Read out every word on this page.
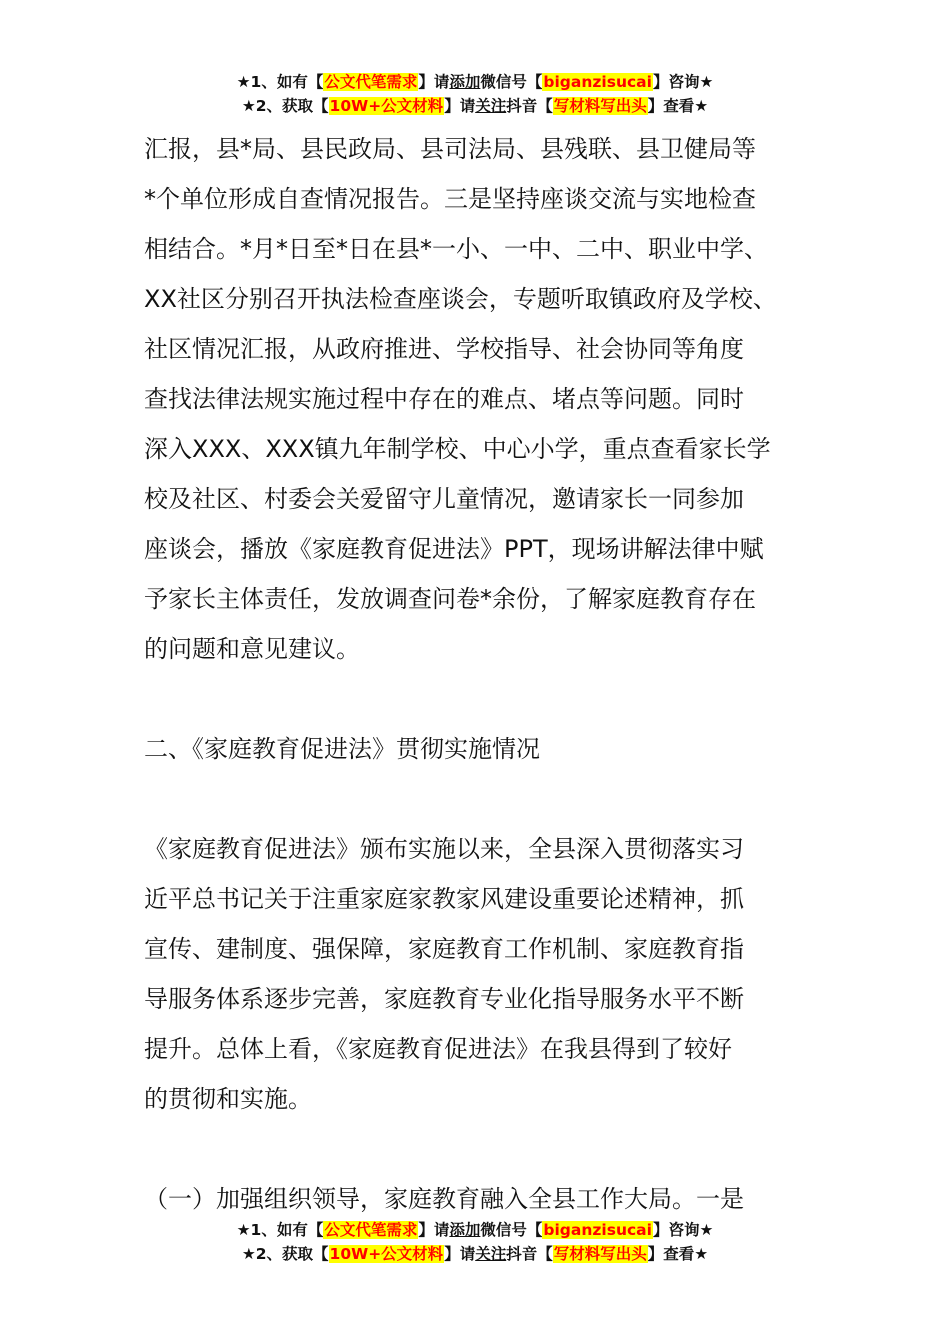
★1、如有【公文代笔需求】请添加微信号【biganzisucai】咨询★
★2、获取【10W+公文材料】请关注抖音【写材料写出头】查看★
汇报，县*局、县民政局、县司法局、县残联、县卫健局等
*个单位形成自查情况报告。三是坚持座谈交流与实地检查
相结合。*月*日至*日在县*一小、一中、二中、职业中学、
XX社区分别召开执法检查座谈会，专题听取镇政府及学校、
社区情况汇报，从政府推进、学校指导、社会协同等角度
查找法律法规实施过程中存在的难点、堵点等问题。同时
深入XXX、XXX镇九年制学校、中心小学，重点查看家长学
校及社区、村委会关爱留守儿童情况，邀请家长一同参加
座谈会，播放《家庭教育促进法》PPT，现场讲解法律中赋
予家长主体责任，发放调查问卷*余份，了解家庭教育存在
的问题和意见建议。
二、《家庭教育促进法》贯彻实施情况
《家庭教育促进法》颁布实施以来，全县深入贯彻落实习
近平总书记关于注重家庭家教家风建设重要论述精神，抓
宣传、建制度、强保障，家庭教育工作机制、家庭教育指
导服务体系逐步完善，家庭教育专业化指导服务水平不断
提升。总体上看，《家庭教育促进法》在我县得到了较好
的贯彻和实施。
（一）加强组织领导，家庭教育融入全县工作大局。一是
★1、如有【公文代笔需求】请添加微信号【biganzisucai】咨询★
★2、获取【10W+公文材料】请关注抖音【写材料写出头】查看★
